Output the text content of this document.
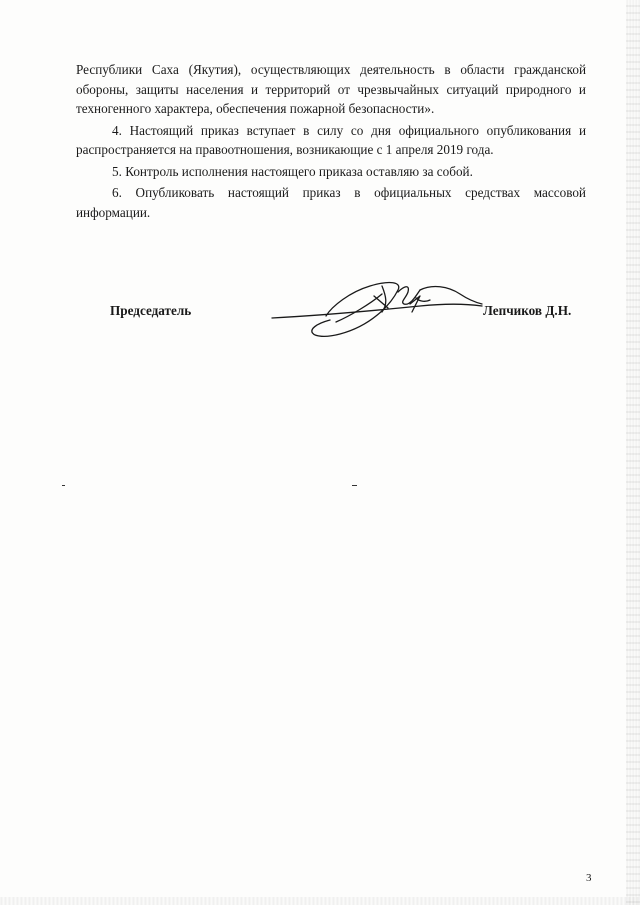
Республики Саха (Якутия), осуществляющих деятельность в области гражданской обороны, защиты населения и территорий от чрезвычайных ситуаций природного и техногенного характера, обеспечения пожарной безопасности».

4. Настоящий приказ вступает в силу со дня официального опубликования и распространяется на правоотношения, возникающие с 1 апреля 2019 года.

5. Контроль исполнения настоящего приказа оставляю за собой.

6. Опубликовать настоящий приказ в официальных средствах массовой информации.

Председатель	Лепчиков Д.Н.
3
